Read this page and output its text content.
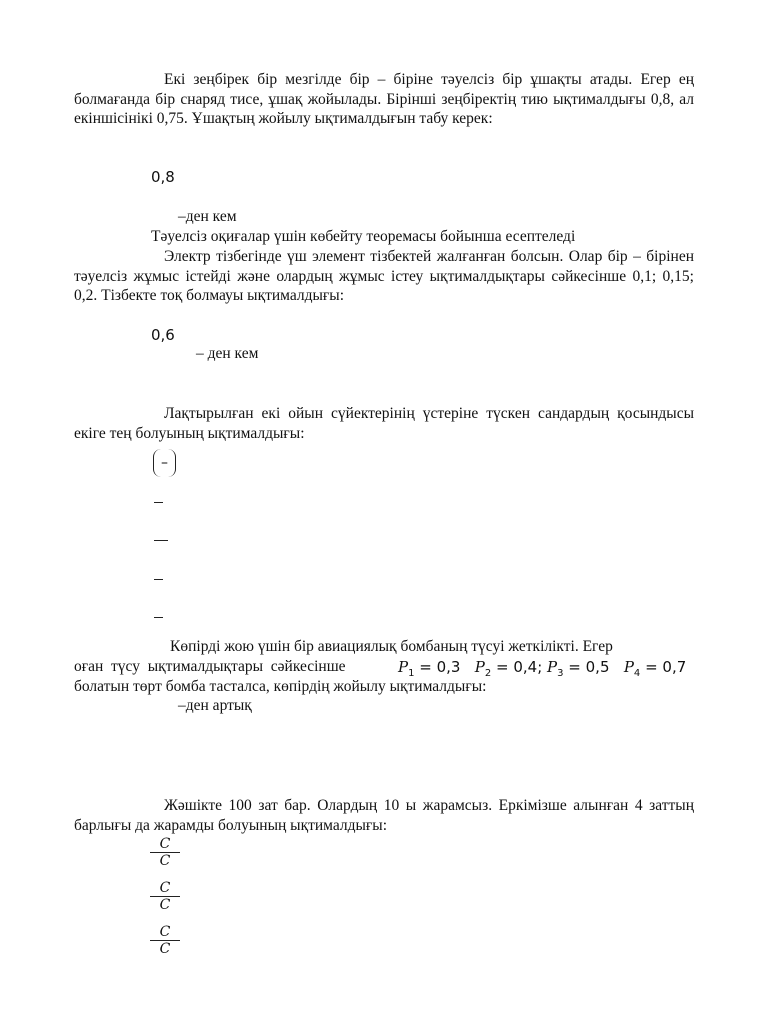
Екі зеңбірек бір мезгілде бір – біріне тәуелсіз бір ұшақты атады. Егер ең болмағанда бір снаряд тисе, ұшақ жойылады. Бірінші зеңбіректің тию ықтималдығы 0,8, ал екіншісінікі 0,75. Ұшақтың жойылу ықтималдығын табу керек:

0,8
–ден кем
Тәуелсіз оқиғалар үшін көбейту теоремасы бойынша есептеледі

Электр тізбегінде үш элемент тізбектей жалғанған болсын. Олар бір – бірінен тәуелсіз жұмыс істейді және олардың жұмыс істеу ықтималдықтары сәйкесінше 0,1; 0,15; 0,2. Тізбекте тоқ болмауы ықтималдығы:

0,6
– ден кем

Лақтырылған екі ойын сүйектерінің үстеріне түскен сандардың қосындысы екіге тең болуының ықтималдығы:

–
Көпірді жою үшін бір авиациялық бомбаның түсуі жеткілікті. Егер
оған  түсу  ықтималдықтары  сәйкесінше	$P_1 = 0,3$ $P_2 = 0,4$; $P_3 = 0,5$ $P_4 = 0,7$
болатын төрт бомба тасталса, көпірдің жойылу ықтималдығы:
–ден артық

Жәшікте 100 зат бар. Олардың 10 ы жарамсыз. Еркімізше алынған 4 заттың барлығы да жарамды болуының ықтималдығы:

$\frac{C}{C}$
$\frac{C}{C}$
$\frac{C}{C}$
